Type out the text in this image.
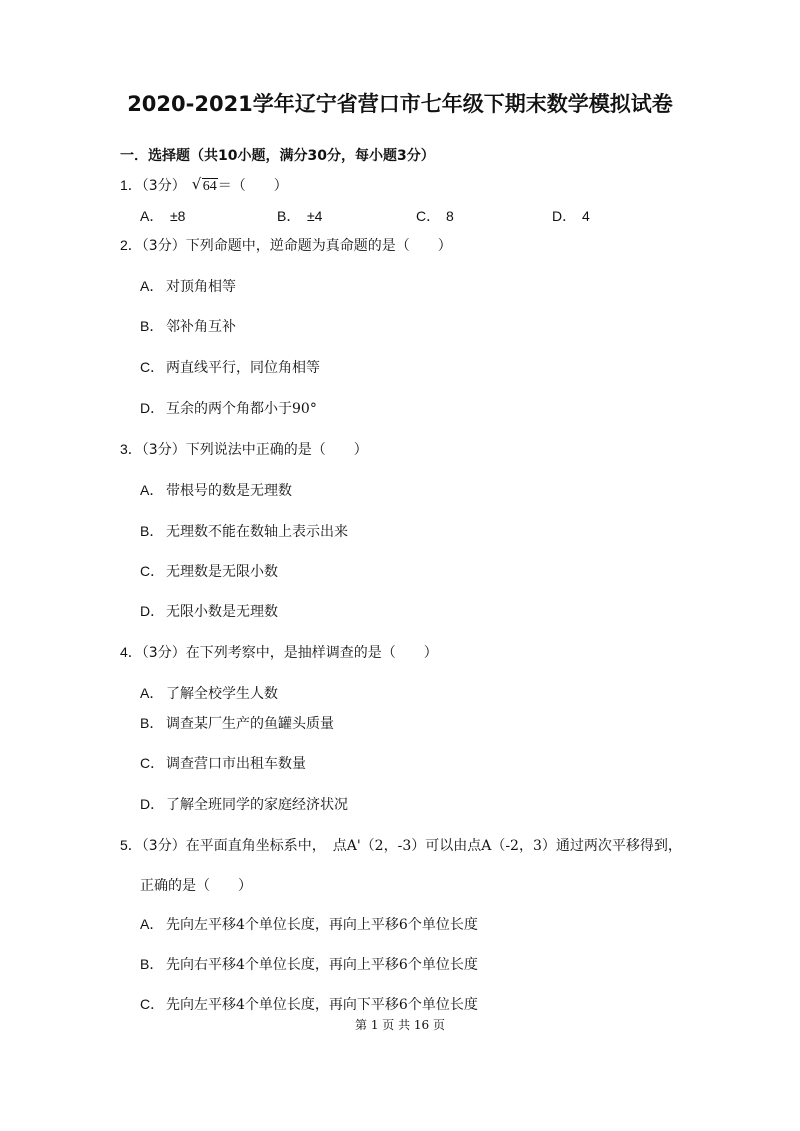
2020-2021学年辽宁省营口市七年级下期末数学模拟试卷
一．选择题（共10小题，满分30分，每小题3分）
1．（3分） √ 64＝（　　）
A． ±8	B． ±4	C． 8	D． 4
2．（3分）下列命题中，逆命题为真命题的是（　　）
A． 对顶角相等
B． 邻补角互补
C． 两直线平行，同位角相等
D． 互余的两个角都小于90°
3．（3分）下列说法中正确的是（　　）
A． 带根号的数是无理数
B． 无理数不能在数轴上表示出来
C． 无理数是无限小数
D． 无限小数是无理数
4．（3分）在下列考察中，是抽样调查的是（　　）
A． 了解全校学生人数
B． 调查某厂生产的鱼罐头质量
C． 调查营口市出租车数量
D． 了解全班同学的家庭经济状况
5．（3分）在平面直角坐标系中，　点A'（2，-3）可以由点A（-2，3）通过两次平移得到，
正确的是（　　）
A． 先向左平移4个单位长度，再向上平移6个单位长度
B． 先向右平移4个单位长度，再向上平移6个单位长度
C． 先向左平移4个单位长度，再向下平移6个单位长度
第 1 页 共 16 页
